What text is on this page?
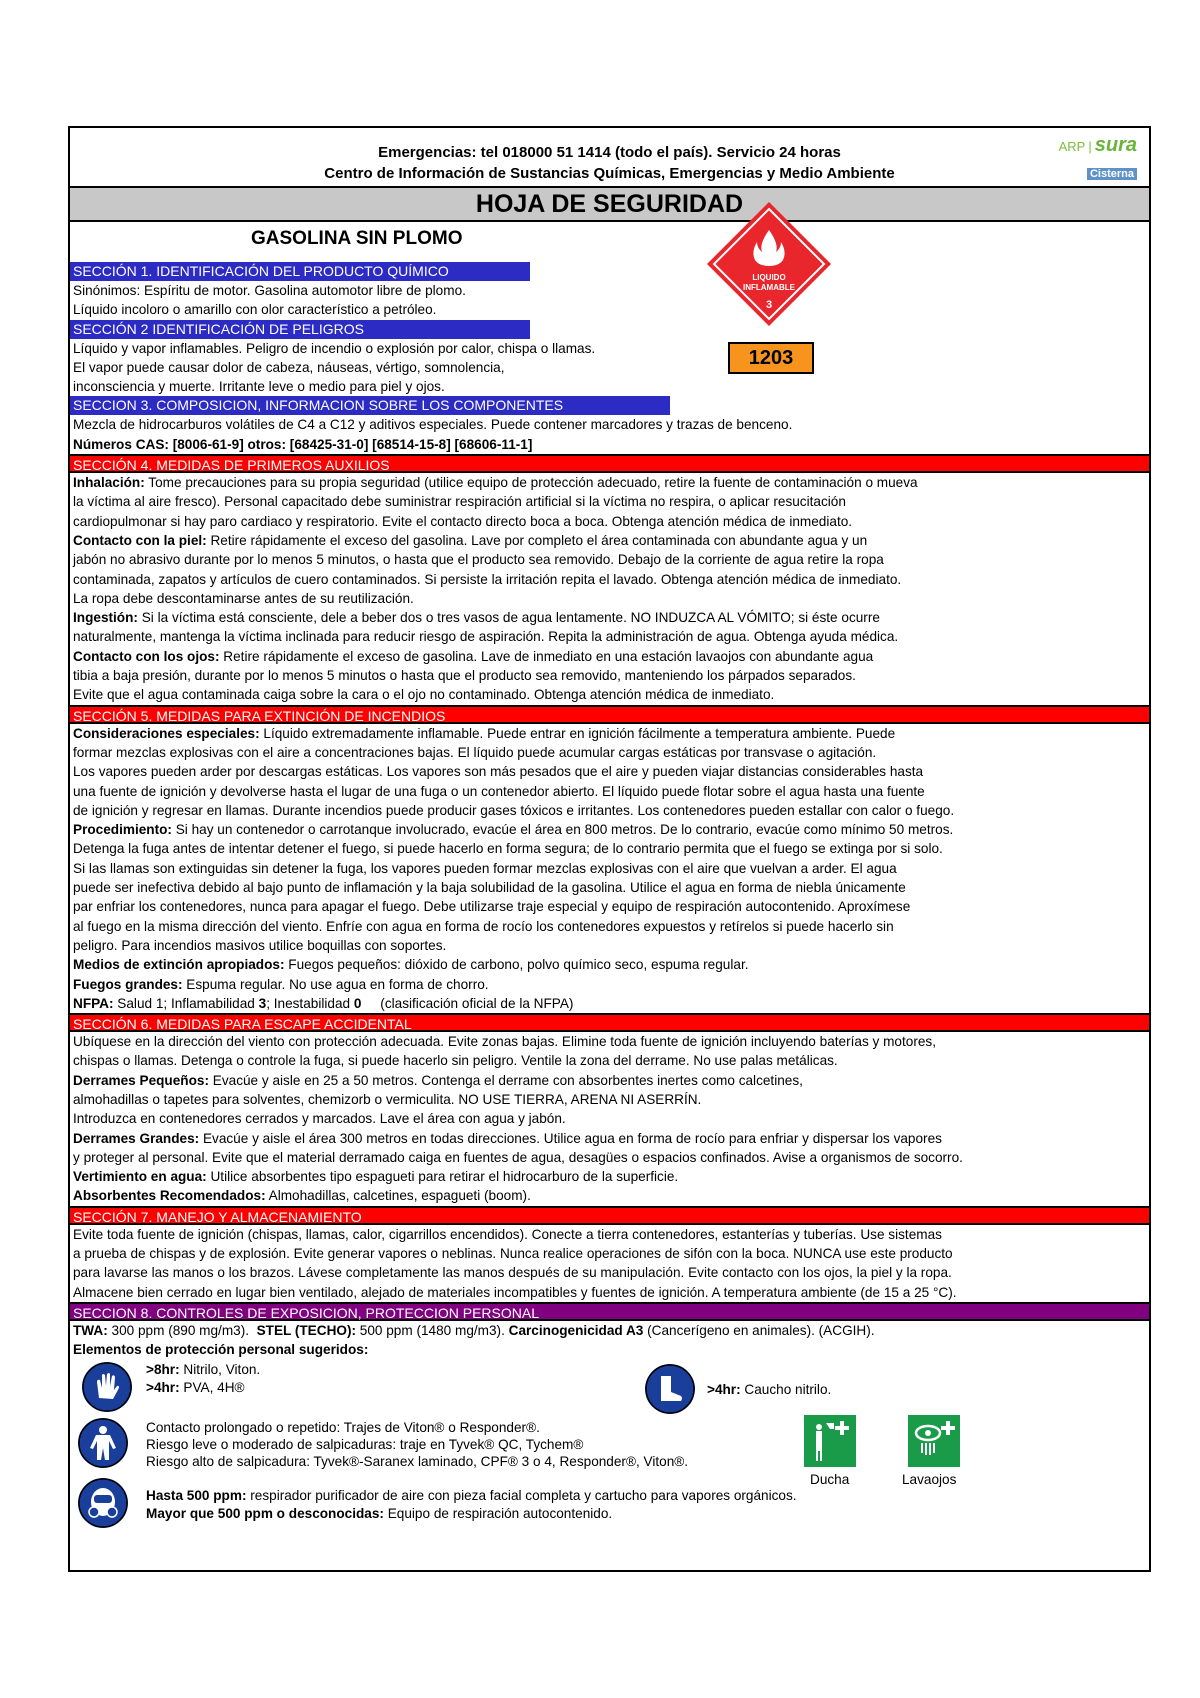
Emergencias: tel 018000 51 1414 (todo el país). Servicio 24 horas
Centro de Información de Sustancias Químicas, Emergencias y Medio Ambiente
ARP | sura
Cisterna
HOJA DE SEGURIDAD
GASOLINA SIN PLOMO
SECCIÓN 1. IDENTIFICACIÓN DEL PRODUCTO QUÍMICO
Sinónimos: Espíritu de motor. Gasolina automotor libre de plomo.
Líquido incoloro o amarillo con olor característico a petróleo.
SECCIÓN 2 IDENTIFICACIÓN DE PELIGROS
Líquido y vapor inflamables. Peligro de incendio o explosión por calor, chispa o llamas.
El vapor puede causar dolor de cabeza, náuseas, vértigo, somnolencia,
inconsciencia y muerte. Irritante leve o medio para piel y ojos.
SECCION 3. COMPOSICION, INFORMACION SOBRE LOS COMPONENTES
Mezcla de hidrocarburos volátiles de C4 a C12 y aditivos especiales. Puede contener marcadores y trazas de benceno.
Números CAS: [8006-61-9] otros: [68425-31-0] [68514-15-8] [68606-11-1]
SECCIÓN 4. MEDIDAS DE PRIMEROS AUXILIOS
Inhalación: Tome precauciones para su propia seguridad (utilice equipo de protección adecuado, retire la fuente de contaminación o mueva
la víctima al aire fresco). Personal capacitado debe suministrar respiración artificial si la víctima no respira, o aplicar resucitación
cardiopulmonar si hay paro cardiaco y respiratorio. Evite el contacto directo boca a boca. Obtenga atención médica de inmediato.
Contacto con la piel: Retire rápidamente el exceso del gasolina. Lave por completo el área contaminada con abundante agua y un
jabón no abrasivo durante por lo menos 5 minutos, o hasta que el producto sea removido. Debajo de la corriente de agua retire la ropa
contaminada, zapatos y artículos de cuero contaminados. Si persiste la irritación repita el lavado. Obtenga atención médica de inmediato.
La ropa debe descontaminarse antes de su reutilización.
Ingestión: Si la víctima está consciente, dele a beber dos o tres vasos de agua lentamente. NO INDUZCA AL VÓMITO; si éste ocurre
naturalmente, mantenga la víctima inclinada para reducir riesgo de aspiración. Repita la administración de agua. Obtenga ayuda médica.
Contacto con los ojos: Retire rápidamente el exceso de gasolina. Lave de inmediato en una estación lavaojos con abundante agua
tibia a baja presión, durante por lo menos 5 minutos o hasta que el producto sea removido, manteniendo los párpados separados.
Evite que el agua contaminada caiga sobre la cara o el ojo no contaminado. Obtenga atención médica de inmediato.
SECCIÓN 5. MEDIDAS PARA EXTINCIÓN DE INCENDIOS
Consideraciones especiales: Líquido extremadamente inflamable. Puede entrar en ignición fácilmente a temperatura ambiente. Puede
formar mezclas explosivas con el aire a concentraciones bajas. El líquido puede acumular cargas estáticas por transvase o agitación.
Los vapores pueden arder por descargas estáticas. Los vapores son más pesados que el aire y pueden viajar distancias considerables hasta
una fuente de ignición y devolverse hasta el lugar de una fuga o un contenedor abierto. El líquido puede flotar sobre el agua hasta una fuente
de ignición y regresar en llamas. Durante incendios puede producir gases tóxicos e irritantes. Los contenedores pueden estallar con calor o fuego.
Procedimiento: Si hay un contenedor o carrotanque involucrado, evacúe el área en 800 metros. De lo contrario, evacúe como mínimo 50 metros.
Detenga la fuga antes de intentar detener el fuego, si puede hacerlo en forma segura; de lo contrario permita que el fuego se extinga por si solo.
Si las llamas son extinguidas sin detener la fuga, los vapores pueden formar mezclas explosivas con el aire que vuelvan a arder. El agua
puede ser inefectiva debido al bajo punto de inflamación y la baja solubilidad de la gasolina. Utilice el agua en forma de niebla únicamente
par enfriar los contenedores, nunca para apagar el fuego. Debe utilizarse traje especial y equipo de respiración autocontenido. Aproxímese
al fuego en la misma dirección del viento. Enfríe con agua en forma de rocío los contenedores expuestos y retírelos si puede hacerlo sin
peligro. Para incendios masivos utilice boquillas con soportes.
Medios de extinción apropiados: Fuegos pequeños: dióxido de carbono, polvo químico seco, espuma regular.
Fuegos grandes: Espuma regular. No use agua en forma de chorro.
NFPA: Salud 1; Inflamabilidad 3; Inestabilidad 0     (clasificación oficial de la NFPA)
SECCIÓN 6. MEDIDAS PARA ESCAPE ACCIDENTAL
Ubíquese en la dirección del viento con protección adecuada. Evite zonas bajas. Elimine toda fuente de ignición incluyendo baterías y motores,
chispas o llamas. Detenga o controle la fuga, si puede hacerlo sin peligro. Ventile la zona del derrame. No use palas metálicas.
Derrames Pequeños: Evacúe y aisle en 25 a 50 metros. Contenga el derrame con absorbentes inertes como calcetines,
almohadillas o tapetes para solventes, chemizorb o vermiculita. NO USE TIERRA, ARENA NI ASERRÍN.
Introduzca en contenedores cerrados y marcados. Lave el área con agua y jabón.
Derrames Grandes: Evacúe y aisle el área 300 metros en todas direcciones. Utilice agua en forma de rocío para enfriar y dispersar los vapores
y proteger al personal. Evite que el material derramado caiga en fuentes de agua, desagües o espacios confinados. Avise a organismos de socorro.
Vertimiento en agua: Utilice absorbentes tipo espagueti para retirar el hidrocarburo de la superficie.
Absorbentes Recomendados: Almohadillas, calcetines, espagueti (boom).
SECCIÓN 7. MANEJO Y ALMACENAMIENTO
Evite toda fuente de ignición (chispas, llamas, calor, cigarrillos encendidos). Conecte a tierra contenedores, estanterías y tuberías. Use sistemas
a prueba de chispas y de explosión. Evite generar vapores o neblinas. Nunca realice operaciones de sifón con la boca. NUNCA use este producto
para lavarse las manos o los brazos. Lávese completamente las manos después de su manipulación. Evite contacto con los ojos, la piel y la ropa.
Almacene bien cerrado en lugar bien ventilado, alejado de materiales incompatibles y fuentes de ignición. A temperatura ambiente (de 15 a 25 °C).
SECCION 8. CONTROLES DE EXPOSICION, PROTECCION PERSONAL
TWA: 300 ppm (890 mg/m3).  STEL (TECHO): 500 ppm (1480 mg/m3). Carcinogenicidad A3 (Cancerígeno en animales). (ACGIH).
Elementos de protección personal sugeridos:
>8hr: Nitrilo, Viton.
>4hr: PVA, 4H®	>4hr: Caucho nitrilo.
Contacto prolongado o repetido: Trajes de Viton® o Responder®.
Riesgo leve o moderado de salpicaduras: traje en Tyvek® QC, Tychem®
Riesgo alto de salpicadura: Tyvek®-Saranex laminado, CPF® 3 o 4, Responder®, Viton®.
Ducha	Lavaojos
Hasta 500 ppm: respirador purificador de aire con pieza facial completa y cartucho para vapores orgánicos.
Mayor que 500 ppm o desconocidas: Equipo de respiración autocontenido.
LIQUIDO
INFLAMABLE
3
1203
